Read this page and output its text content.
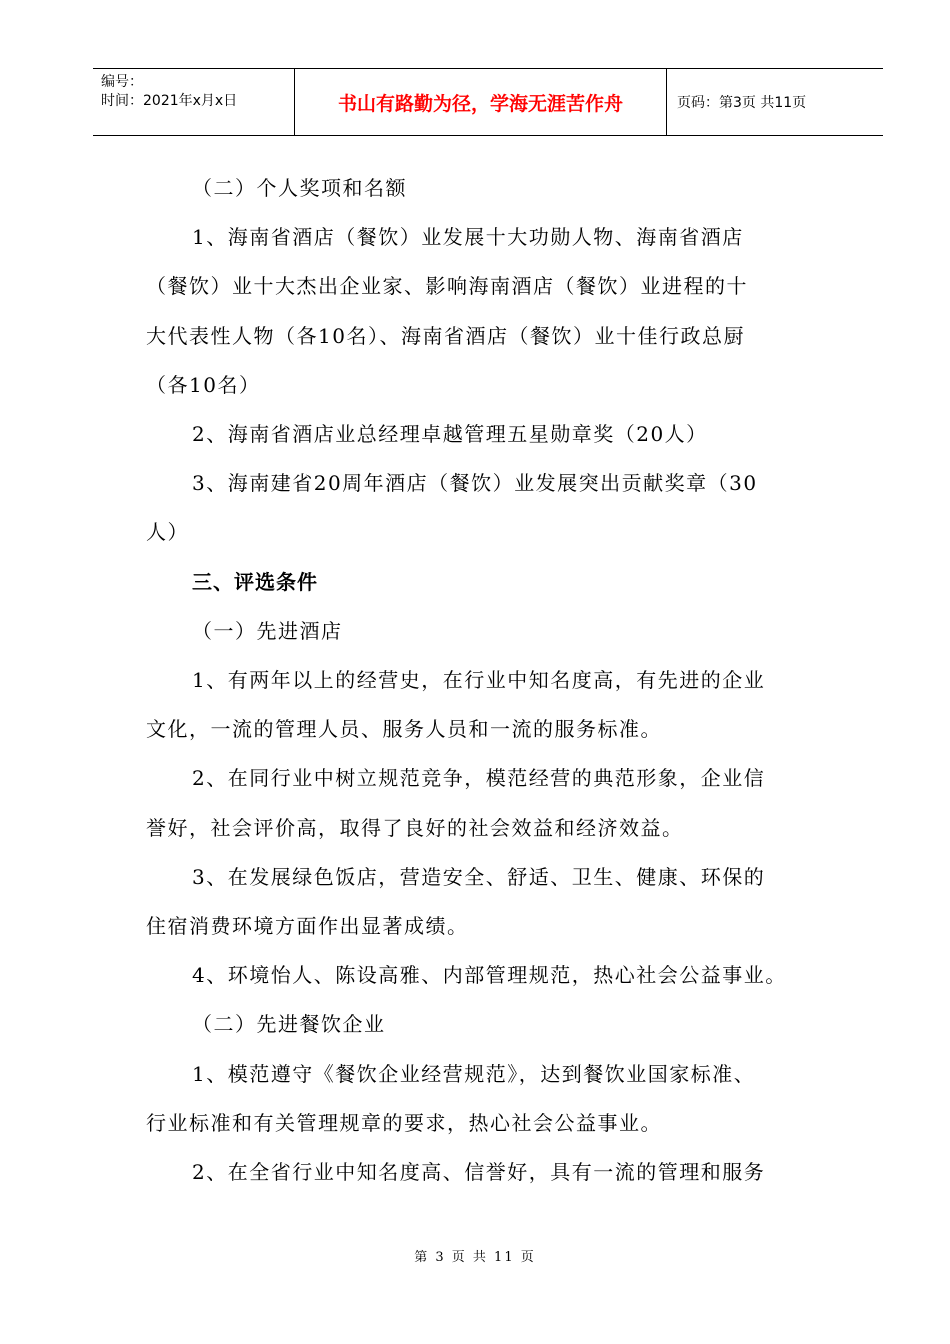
编号：
时间：2021年x月x日	书山有路勤为径，学海无涯苦作舟	页码：第3页 共11页

（二）个人奖项和名额

1、海南省酒店（餐饮）业发展十大功勋人物、海南省酒店

（餐饮）业十大杰出企业家、影响海南酒店（餐饮）业进程的十

大代表性人物（各10名）、海南省酒店（餐饮）业十佳行政总厨

（各10名）

2、海南省酒店业总经理卓越管理五星勋章奖（20人）

3、海南建省20周年酒店（餐饮）业发展突出贡献奖章（30

人）

三、评选条件

（一）先进酒店

1、有两年以上的经营史，在行业中知名度高，有先进的企业

文化，一流的管理人员、服务人员和一流的服务标准。

2、在同行业中树立规范竞争，模范经营的典范形象，企业信

誉好，社会评价高，取得了良好的社会效益和经济效益。

3、在发展绿色饭店，营造安全、舒适、卫生、健康、环保的

住宿消费环境方面作出显著成绩。

4、环境怡人、陈设高雅、内部管理规范，热心社会公益事业。

（二）先进餐饮企业

1、模范遵守《餐饮企业经营规范》，达到餐饮业国家标准、

行业标准和有关管理规章的要求，热心社会公益事业。

2、在全省行业中知名度高、信誉好，具有一流的管理和服务

第 3 页 共 11 页
